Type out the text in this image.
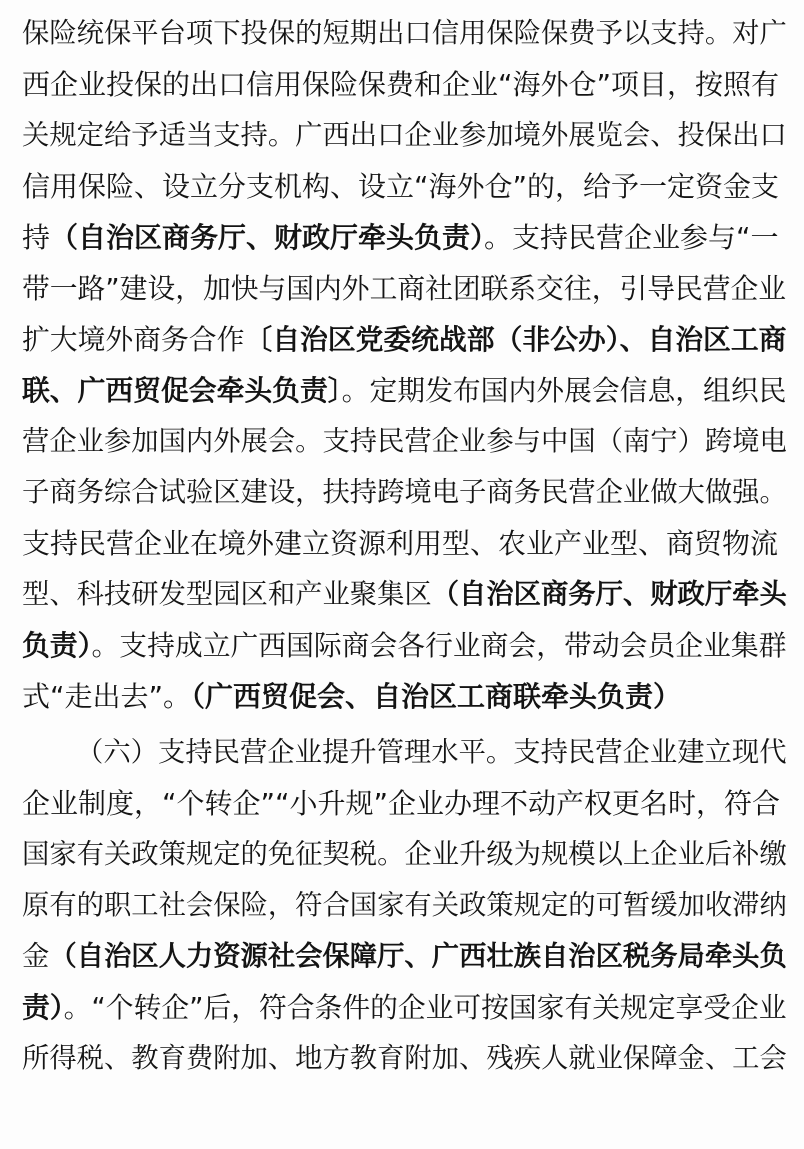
保险统保平台项下投保的短期出口信用保险保费予以支持。对广
西企业投保的出口信用保险保费和企业“海外仓”项目，按照有
关规定给予适当支持。广西出口企业参加境外展览会、投保出口
信用保险、设立分支机构、设立“海外仓”的，给予一定资金支
持（自治区商务厅、财政厅牵头负责）。支持民营企业参与“一
带一路”建设，加快与国内外工商社团联系交往，引导民营企业
扩大境外商务合作〔自治区党委统战部（非公办）、自治区工商
联、广西贸促会牵头负责〕。定期发布国内外展会信息，组织民
营企业参加国内外展会。支持民营企业参与中国（南宁）跨境电
子商务综合试验区建设，扶持跨境电子商务民营企业做大做强。
支持民营企业在境外建立资源利用型、农业产业型、商贸物流
型、科技研发型园区和产业聚集区（自治区商务厅、财政厅牵头
负责）。支持成立广西国际商会各行业商会，带动会员企业集群
式“走出去”。（广西贸促会、自治区工商联牵头负责）
（六）支持民营企业提升管理水平。支持民营企业建立现代
企业制度，“个转企”“小升规”企业办理不动产权更名时，符合
国家有关政策规定的免征契税。企业升级为规模以上企业后补缴
原有的职工社会保险，符合国家有关政策规定的可暂缓加收滞纳
金（自治区人力资源社会保障厅、广西壮族自治区税务局牵头负
责）。“个转企”后，符合条件的企业可按国家有关规定享受企业
所得税、教育费附加、地方教育附加、残疾人就业保障金、工会
